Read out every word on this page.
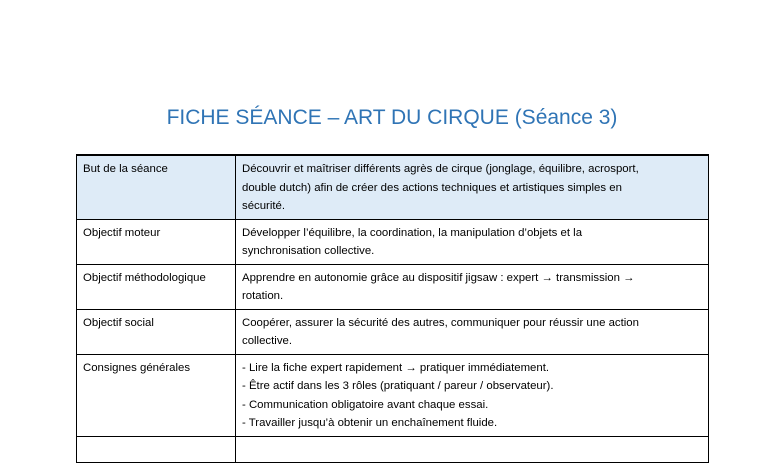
FICHE SÉANCE – ART DU CIRQUE (Séance 3)
But de la séance	Découvrir et maîtriser différents agrès de cirque (jonglage, équilibre, acrosport,
double dutch) afin de créer des actions techniques et artistiques simples en
sécurité.

Objectif moteur	Développer l’équilibre, la coordination, la manipulation d’objets et la
synchronisation collective.

Objectif méthodologique	Apprendre en autonomie grâce au dispositif jigsaw : expert → transmission →
rotation.

Objectif social	Coopérer, assurer la sécurité des autres, communiquer pour réussir une action
collective.

Consignes générales	- Lire la fiche expert rapidement → pratiquer immédiatement.
- Être actif dans les 3 rôles (pratiquant / pareur / observateur).
- Communication obligatoire avant chaque essai.
- Travailler jusqu’à obtenir un enchaînement fluide.
